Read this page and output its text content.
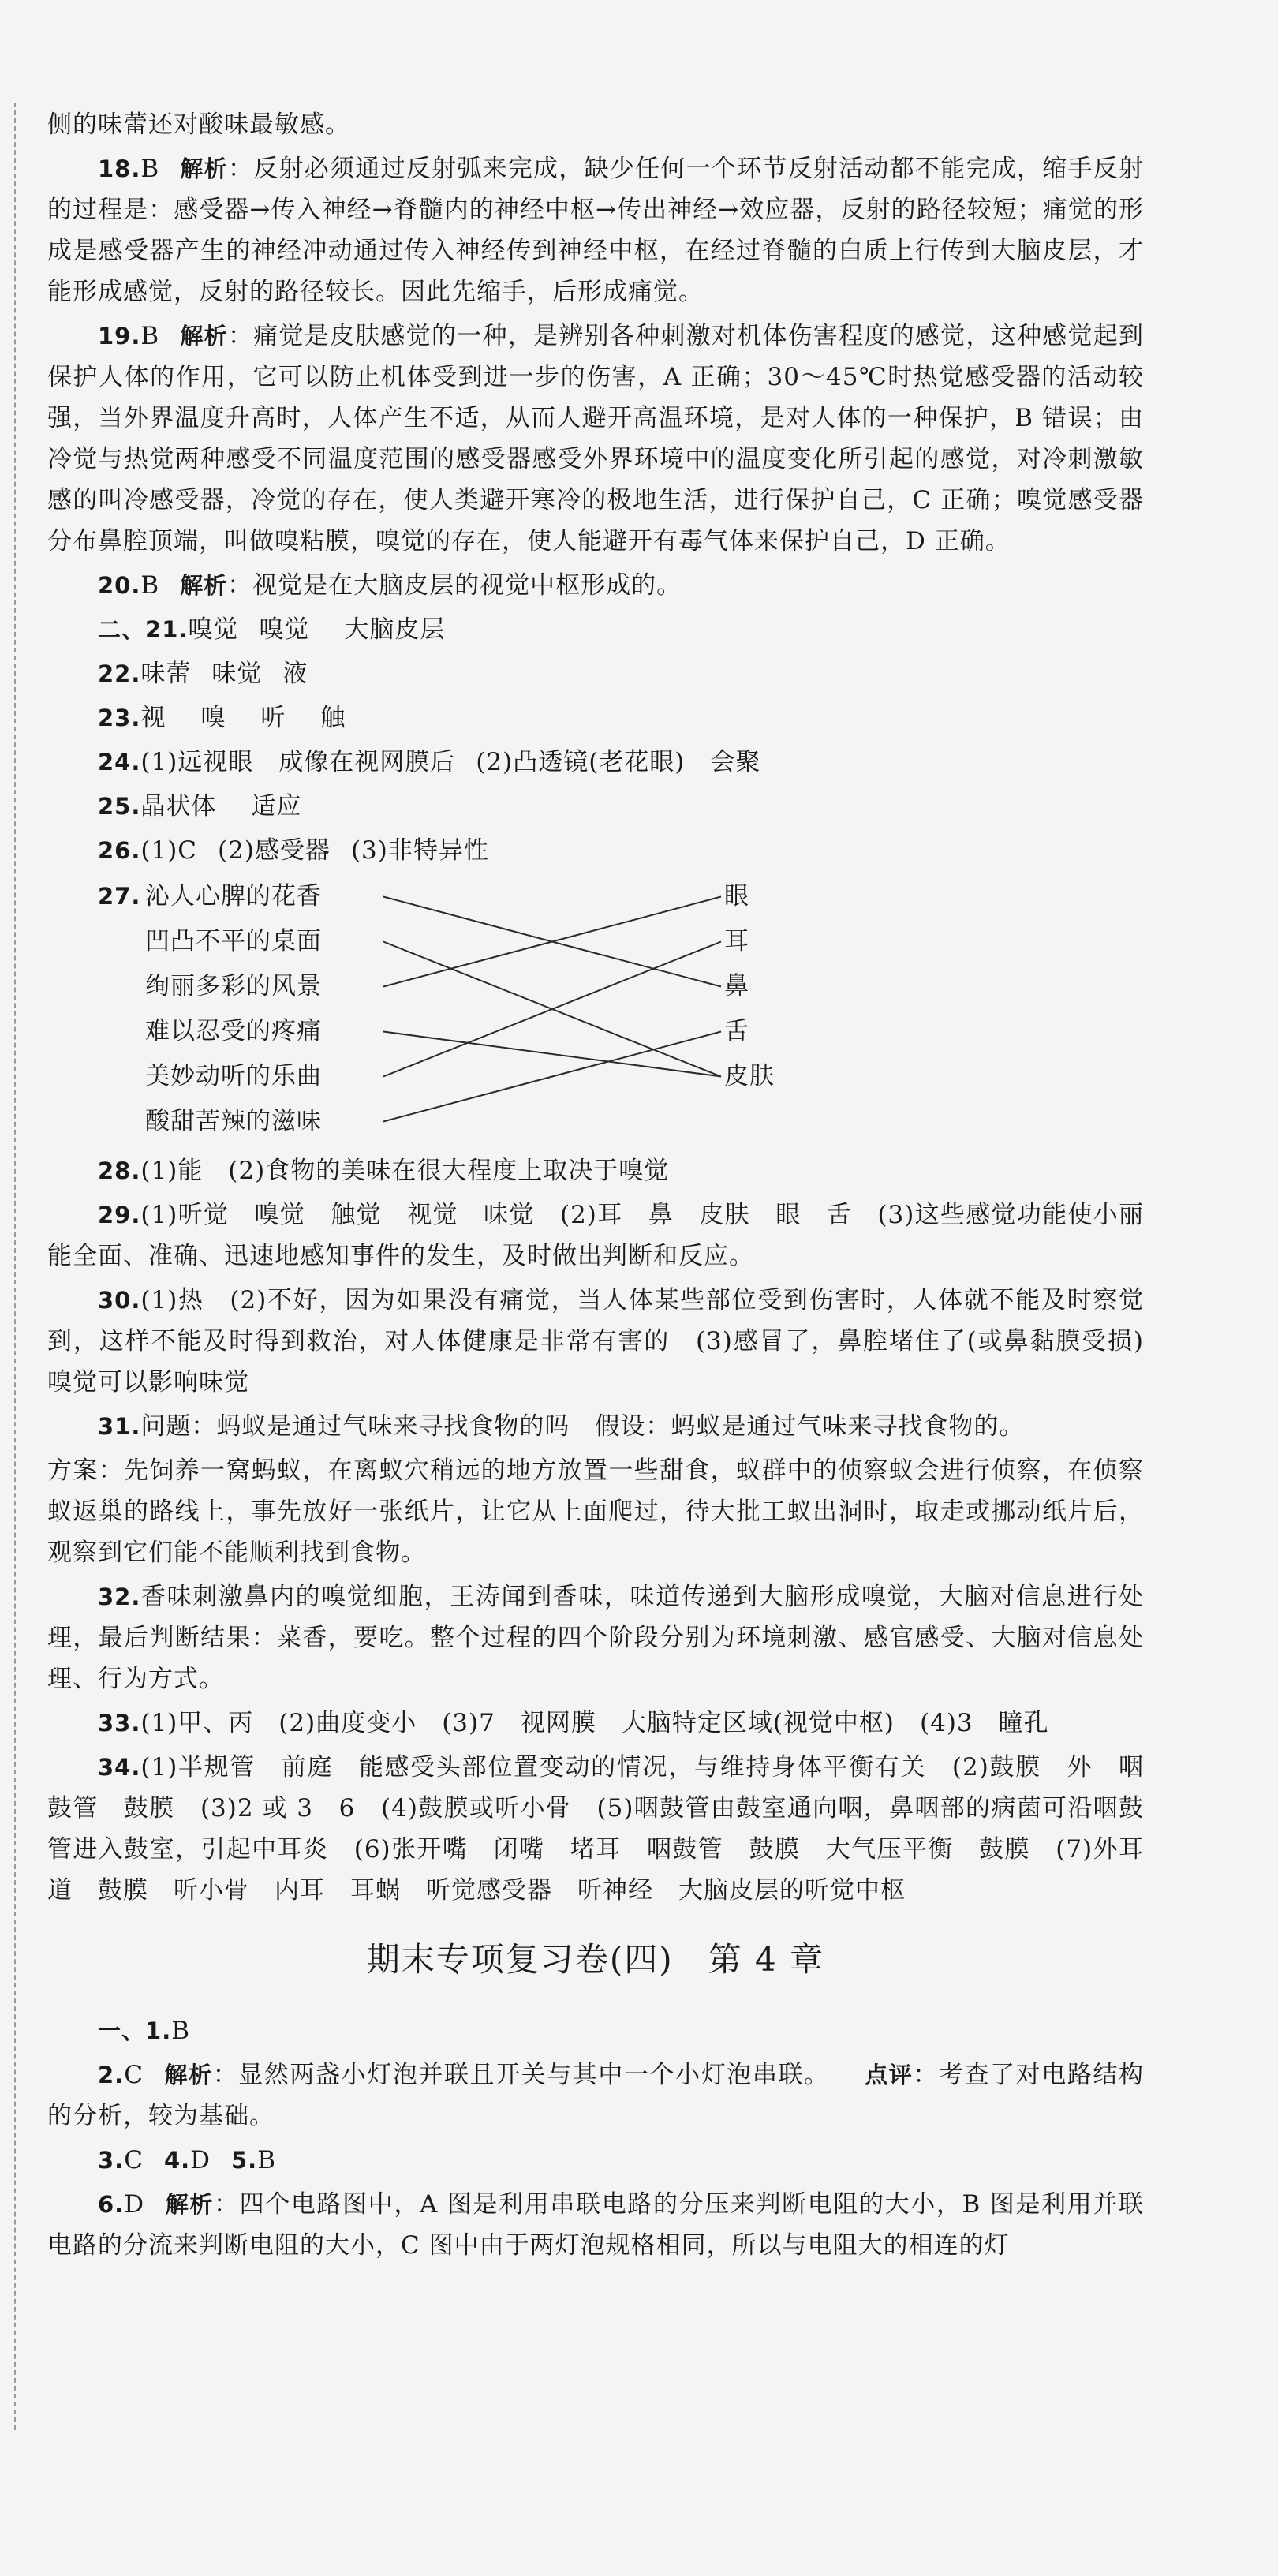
侧的味蕾还对酸味最敏感。

18.B 解析：反射必须通过反射弧来完成，缺少任何一个环节反射活动都不能完成，缩手反射的过程是：感受器→传入神经→脊髓内的神经中枢→传出神经→效应器，反射的路径较短；痛觉的形成是感受器产生的神经冲动通过传入神经传到神经中枢，在经过脊髓的白质上行传到大脑皮层，才能形成感觉，反射的路径较长。因此先缩手，后形成痛觉。

19.B 解析：痛觉是皮肤感觉的一种，是辨别各种刺激对机体伤害程度的感觉，这种感觉起到保护人体的作用，它可以防止机体受到进一步的伤害，A 正确；30～45℃时热觉感受器的活动较强，当外界温度升高时，人体产生不适，从而人避开高温环境，是对人体的一种保护，B 错误；由冷觉与热觉两种感受不同温度范围的感受器感受外界环境中的温度变化所引起的感觉，对冷刺激敏感的叫冷感受器，冷觉的存在，使人类避开寒冷的极地生活，进行保护自己，C 正确；嗅觉感受器分布鼻腔顶端，叫做嗅粘膜，嗅觉的存在，使人能避开有毒气体来保护自己，D 正确。

20.B 解析：视觉是在大脑皮层的视觉中枢形成的。

二、21.嗅觉 嗅觉 大脑皮层

22.味蕾 味觉 液

23.视 嗅 听 触

24.(1)远视眼　成像在视网膜后 (2)凸透镜(老花眼)　会聚

25.晶状体 适应

26.(1)C (2)感受器 (3)非特异性

27. 沁人心脾的花香
凹凸不平的桌面
绚丽多彩的风景
难以忍受的疼痛
美妙动听的乐曲
酸甜苦辣的滋味
眼
耳
鼻
舌
皮肤

28.(1)能　(2)食物的美味在很大程度上取决于嗅觉

29.(1)听觉　嗅觉　触觉　视觉　味觉　(2)耳　鼻　皮肤　眼　舌　(3)这些感觉功能使小丽能全面、准确、迅速地感知事件的发生，及时做出判断和反应。

30.(1)热　(2)不好，因为如果没有痛觉，当人体某些部位受到伤害时，人体就不能及时察觉到，这样不能及时得到救治，对人体健康是非常有害的　(3)感冒了，鼻腔堵住了(或鼻黏膜受损)　嗅觉可以影响味觉

31.问题：蚂蚁是通过气味来寻找食物的吗　假设：蚂蚁是通过气味来寻找食物的。

方案：先饲养一窝蚂蚁，在离蚁穴稍远的地方放置一些甜食，蚁群中的侦察蚁会进行侦察，在侦察蚁返巢的路线上，事先放好一张纸片，让它从上面爬过，待大批工蚁出洞时，取走或挪动纸片后，观察到它们能不能顺利找到食物。

32.香味刺激鼻内的嗅觉细胞，王涛闻到香味，味道传递到大脑形成嗅觉，大脑对信息进行处理，最后判断结果：菜香，要吃。整个过程的四个阶段分别为环境刺激、感官感受、大脑对信息处理、行为方式。

33.(1)甲、丙　(2)曲度变小　(3)7　视网膜　大脑特定区域(视觉中枢)　(4)3　瞳孔

34.(1)半规管　前庭　能感受头部位置变动的情况，与维持身体平衡有关　(2)鼓膜　外　咽鼓管　鼓膜　(3)2 或 3　6　(4)鼓膜或听小骨　(5)咽鼓管由鼓室通向咽，鼻咽部的病菌可沿咽鼓管进入鼓室，引起中耳炎　(6)张开嘴　闭嘴　堵耳　咽鼓管　鼓膜　大气压平衡　鼓膜　(7)外耳道　鼓膜　听小骨　内耳　耳蜗　听觉感受器　听神经　大脑皮层的听觉中枢

期末专项复习卷(四)　第 4 章

一、1.B

2.C 解析：显然两盏小灯泡并联且开关与其中一个小灯泡串联。 点评：考查了对电路结构的分析，较为基础。

3.C 4.D 5.B

6.D 解析：四个电路图中，A 图是利用串联电路的分压来判断电阻的大小，B 图是利用并联电路的分流来判断电阻的大小，C 图中由于两灯泡规格相同，所以与电阻大的相连的灯
